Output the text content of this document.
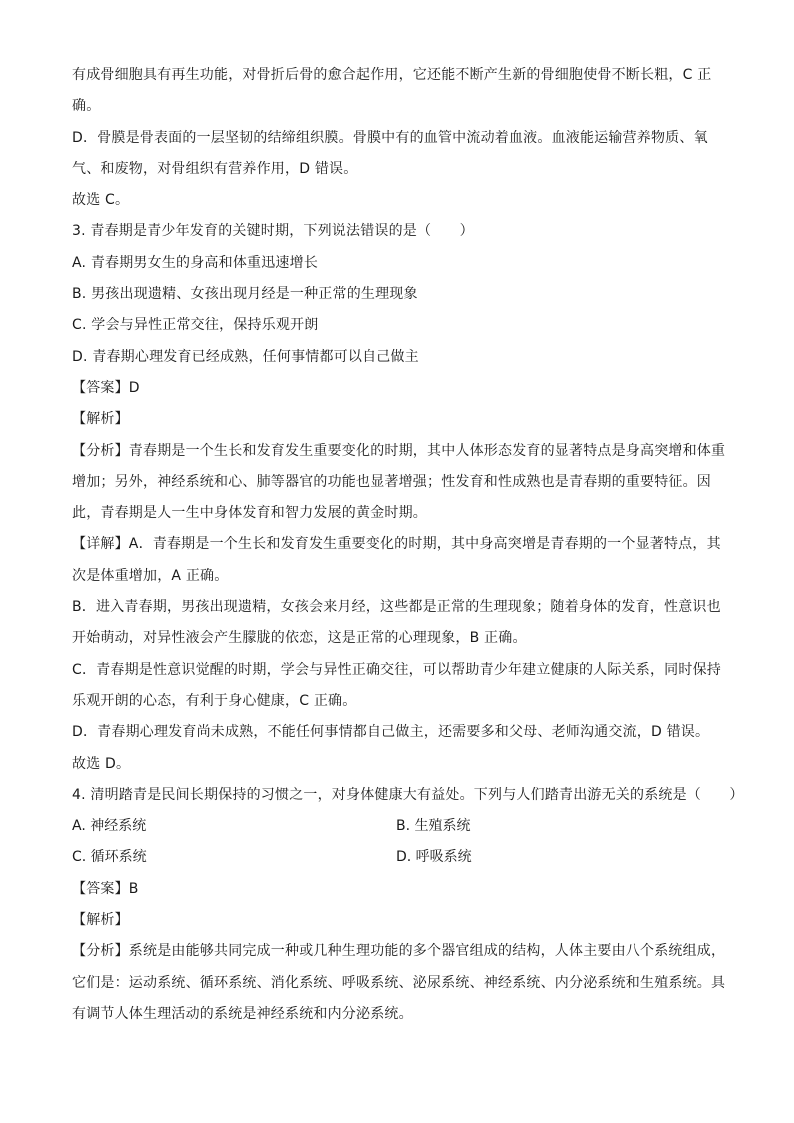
有成骨细胞具有再生功能，对骨折后骨的愈合起作用，它还能不断产生新的骨细胞使骨不断长粗，C 正
确。
D．骨膜是骨表面的一层坚韧的结缔组织膜。骨膜中有的血管中流动着血液。血液能运输营养物质、氧
气、和废物，对骨组织有营养作用，D 错误。
故选 C。
3. 青春期是青少年发育的关键时期，下列说法错误的是（　　）
A. 青春期男女生的身高和体重迅速增长
B. 男孩出现遗精、女孩出现月经是一种正常的生理现象
C. 学会与异性正常交往，保持乐观开朗
D. 青春期心理发育已经成熟，任何事情都可以自己做主
【答案】D
【解析】
【分析】青春期是一个生长和发育发生重要变化的时期，其中人体形态发育的显著特点是身高突增和体重
增加；另外，神经系统和心、肺等器官的功能也显著增强；性发育和性成熟也是青春期的重要特征。因
此，青春期是人一生中身体发育和智力发展的黄金时期。
【详解】A．青春期是一个生长和发育发生重要变化的时期，其中身高突增是青春期的一个显著特点，其
次是体重增加，A 正确。
B．进入青春期，男孩出现遗精，女孩会来月经，这些都是正常的生理现象；随着身体的发育，性意识也
开始萌动，对异性液会产生朦胧的依恋，这是正常的心理现象，B 正确。
C．青春期是性意识觉醒的时期，学会与异性正确交往，可以帮助青少年建立健康的人际关系，同时保持
乐观开朗的心态，有利于身心健康，C 正确。
D．青春期心理发育尚未成熟，不能任何事情都自己做主，还需要多和父母、老师沟通交流，D 错误。
故选 D。
4. 清明踏青是民间长期保持的习惯之一，对身体健康大有益处。下列与人们踏青出游无关的系统是（　　）
A. 神经系统	B. 生殖系统
C. 循环系统	D. 呼吸系统
【答案】B
【解析】
【分析】系统是由能够共同完成一种或几种生理功能的多个器官组成的结构，人体主要由八个系统组成，
它们是：运动系统、循环系统、消化系统、呼吸系统、泌尿系统、神经系统、内分泌系统和生殖系统。具
有调节人体生理活动的系统是神经系统和内分泌系统。
